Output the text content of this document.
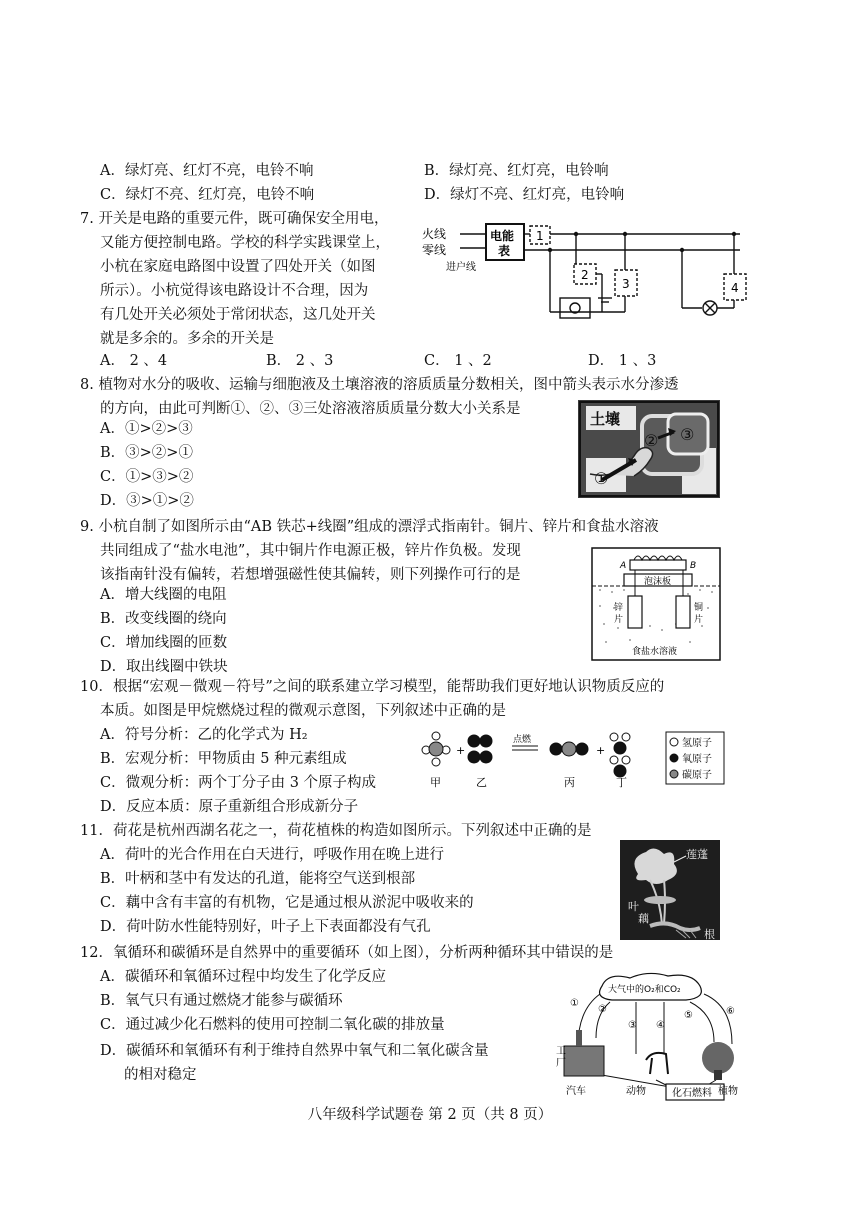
A．绿灯亮、红灯不亮，电铃不响	B．绿灯亮、红灯亮，电铃响
C．绿灯不亮、红灯亮，电铃不响	D．绿灯不亮、红灯亮，电铃响
7. 开关是电路的重要元件，既可确保安全用电，
又能方便控制电路。学校的科学实践课堂上，
小杭在家庭电路图中设置了四处开关（如图
所示）。小杭觉得该电路设计不合理，因为
有几处开关必须处于常闭状态，这几处开关
就是多余的。多余的开关是
A． 2 、4	B． 2 、3	C． 1 、2	D． 1 、3
火线
零线
进户线
电能
表
1
2
3	4
8. 植物对水分的吸收、运输与细胞液及土壤溶液的溶质质量分数相关，图中箭头表示水分渗透
的方向，由此可判断①、②、③三处溶液溶质质量分数大小关系是
A．①>②>③
B．③>②>①
C．①>③>②
D．③>①>②
土壤
①
② ③
9. 小杭自制了如图所示由“AB 铁芯+线圈”组成的漂浮式指南针。铜片、锌片和食盐水溶液
共同组成了“盐水电池”，其中铜片作电源正极，锌片作负极。发现
该指南针没有偏转，若想增强磁性使其偏转，则下列操作可行的是
A．增大线圈的电阻
B．改变线圈的绕向
C．增加线圈的匝数
D．取出线圈中铁块
A	B
泡沫板
锌
片
铜
片
食盐水溶液
10．根据“宏观－微观－符号”之间的联系建立学习模型，能帮助我们更好地认识物质反应的
本质。如图是甲烷燃烧过程的微观示意图，下列叙述中正确的是
A．符号分析：乙的化学式为 H₂
B．宏观分析：甲物质由 5 种元素组成
C．微观分析：两个丁分子由 3 个原子构成
D．反应本质：原子重新组合形成新分子
+	+
点燃
甲	乙	丙	丁
氢原子
氧原子
碳原子
11．荷花是杭州西湖名花之一，荷花植株的构造如图所示。下列叙述中正确的是
A．荷叶的光合作用在白天进行，呼吸作用在晚上进行
B．叶柄和茎中有发达的孔道，能将空气送到根部
C．藕中含有丰富的有机物，它是通过根从淤泥中吸收来的
D．荷叶防水性能特别好，叶子上下表面都没有气孔
莲蓬
叶
藕
根
12．氧循环和碳循环是自然界中的重要循环（如上图），分析两种循环其中错误的是
A．碳循环和氧循环过程中均发生了化学反应
B．氧气只有通过燃烧才能参与碳循环
C．通过减少化石燃料的使用可控制二氧化碳的排放量
D．碳循环和氧循环有利于维持自然界中氧气和二氧化碳含量
的相对稳定
大气中的O₂和CO₂
①
②
③ ④
⑤	⑥
工
厂
汽车	动物	植物
化石燃料
八年级科学试题卷 第 2 页（共 8 页）
